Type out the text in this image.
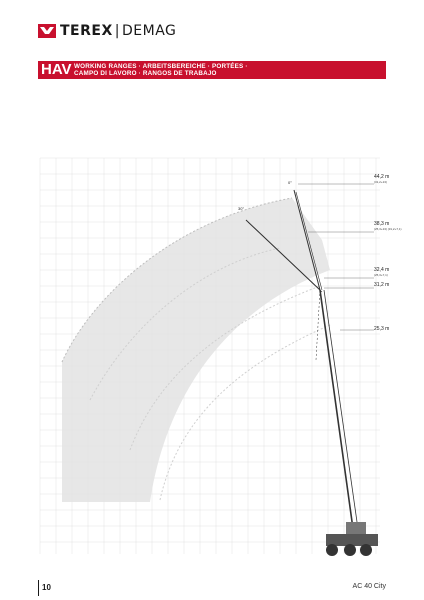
TEREX | DEMAG
HAV WORKING RANGES · ARBEITSBEREICHE · PORTÉES ·
CAMPO DI LAVORO · RANGOS DE TRABAJO
44,2 m
(31,2+13)
38,3 m
(25,3+13) (31,2+7,1)
32,4 m
(25,3+7,1)
31,2 m
25,3 m
0°
30°
10	AC 40 City
